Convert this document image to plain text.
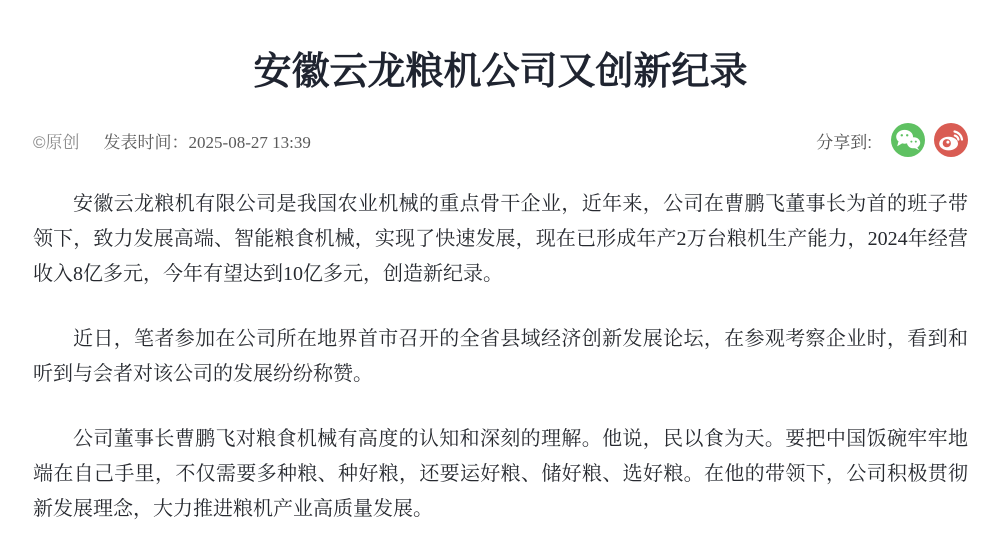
安徽云龙粮机公司又创新纪录
©原创 发表时间：2025-08-27 13:39	分享到:

安徽云龙粮机有限公司是我国农业机械的重点骨干企业，近年来，公司在曹鹏飞董事长为首的班子带领下，致力发展高端、智能粮食机械，实现了快速发展，现在已形成年产2万台粮机生产能力，2024年经营收入8亿多元，今年有望达到10亿多元，创造新纪录。

近日，笔者参加在公司所在地界首市召开的全省县域经济创新发展论坛，在参观考察企业时，看到和听到与会者对该公司的发展纷纷称赞。

公司董事长曹鹏飞对粮食机械有高度的认知和深刻的理解。他说，民以食为天。要把中国饭碗牢牢地端在自己手里，不仅需要多种粮、种好粮，还要运好粮、储好粮、选好粮。在他的带领下，公司积极贯彻新发展理念，大力推进粮机产业高质量发展。
